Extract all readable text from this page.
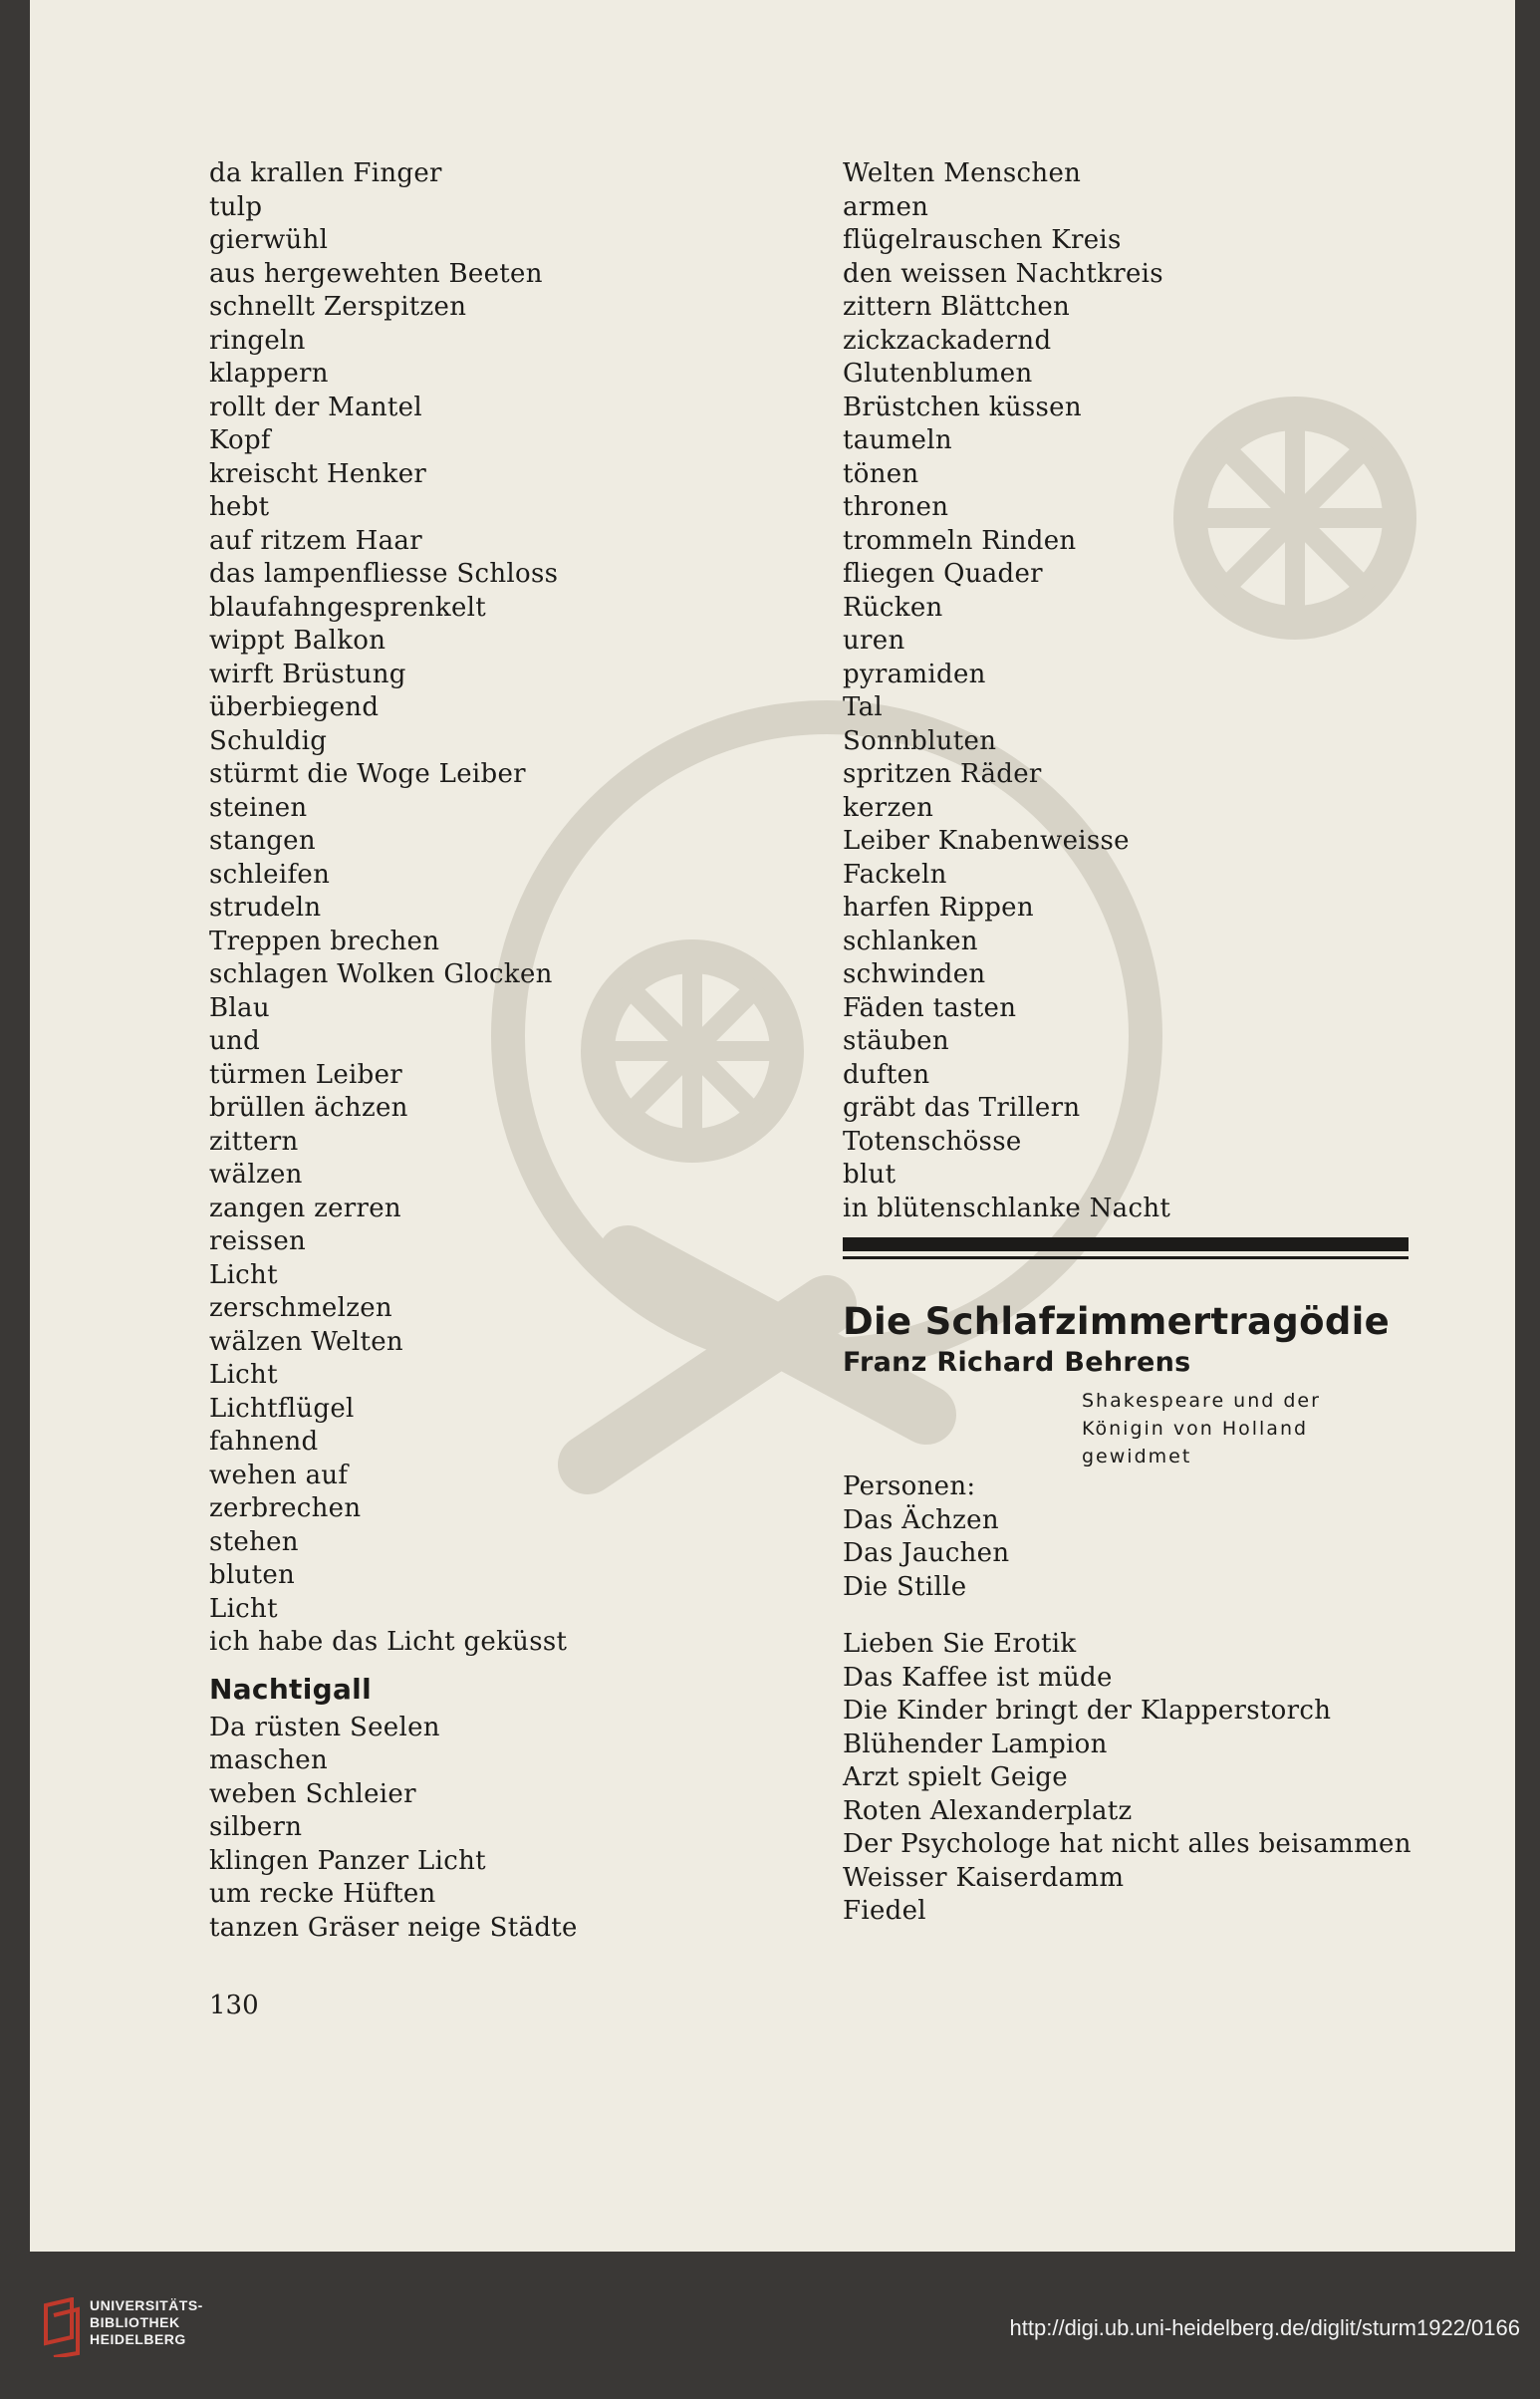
da krallen Finger
tulp
gierwühl
aus hergewehten Beeten
schnellt Zerspitzen
ringeln
klappern
rollt der Mantel
Kopf
kreischt Henker
hebt
auf ritzem Haar
das lampenfliesse Schloss
blaufahngesprenkelt
wippt Balkon
wirft Brüstung
überbiegend
Schuldig
stürmt die Woge Leiber
steinen
stangen
schleifen
strudeln
Treppen brechen
schlagen Wolken Glocken
Blau
und
türmen Leiber
brüllen ächzen
zittern
wälzen
zangen zerren
reissen
Licht
zerschmelzen
wälzen Welten
Licht
Lichtflügel
fahnend
wehen auf
zerbrechen
stehen
bluten
Licht
ich habe das Licht geküsst
Nachtigall
Da rüsten Seelen
maschen
weben Schleier
silbern
klingen Panzer Licht
um recke Hüften
tanzen Gräser neige Städte
Welten Menschen
armen
flügelrauschen Kreis
den weissen Nachtkreis
zittern Blättchen
zickzackadernd
Glutenblumen
Brüstchen küssen
taumeln
tönen
thronen
trommeln Rinden
fliegen Quader
Rücken
uren
pyramiden
Tal
Sonnbluten
spritzen Räder
kerzen
Leiber Knabenweisse
Fackeln
harfen Rippen
schlanken
schwinden
Fäden tasten
stäuben
duften
gräbt das Trillern
Totenschösse
blut
in blütenschlanke Nacht
Die Schlafzimmertragödie
Franz Richard Behrens
Shakespeare und der
Königin von Holland
gewidmet
Personen:
Das Ächzen
Das Jauchen
Die Stille
Lieben Sie Erotik
Das Kaffee ist müde
Die Kinder bringt der Klapperstorch
Blühender Lampion
Arzt spielt Geige
Roten Alexanderplatz
Der Psychologe hat nicht alles beisammen
Weisser Kaiserdamm
Fiedel
130
UNIVERSITÄTS-
BIBLIOTHEK
HEIDELBERG	http://digi.ub.uni-heidelberg.de/diglit/sturm1922/0166
